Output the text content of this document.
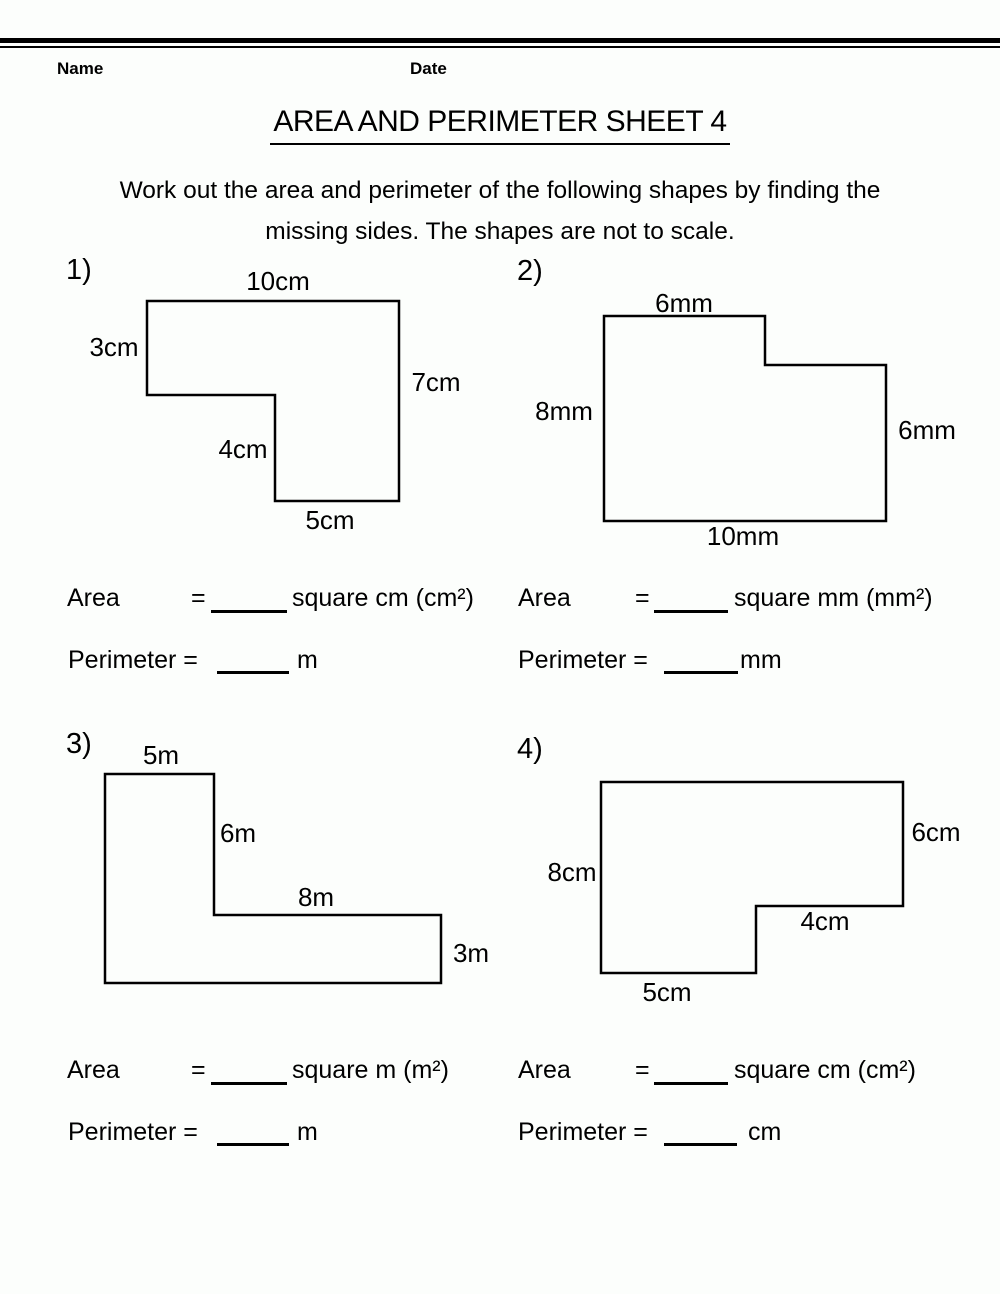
Name	Date
AREA AND PERIMETER SHEET 4
Work out the area and perimeter of the following shapes by finding the
missing sides. The shapes are not to scale.
1)	10cm
3cm
7cm
4cm
5cm
Area	=	square cm (cm²)
Perimeter =	m
2)
6mm
8mm
6mm
10mm
Area	=	square mm (mm²)
Perimeter =	mm
3) 5m
6m
8m
3m
Area	=	square m (m²)
Perimeter =	m
4)
6cm
8cm
4cm
5cm
Area	=	square cm (cm²)
Perimeter =	cm
